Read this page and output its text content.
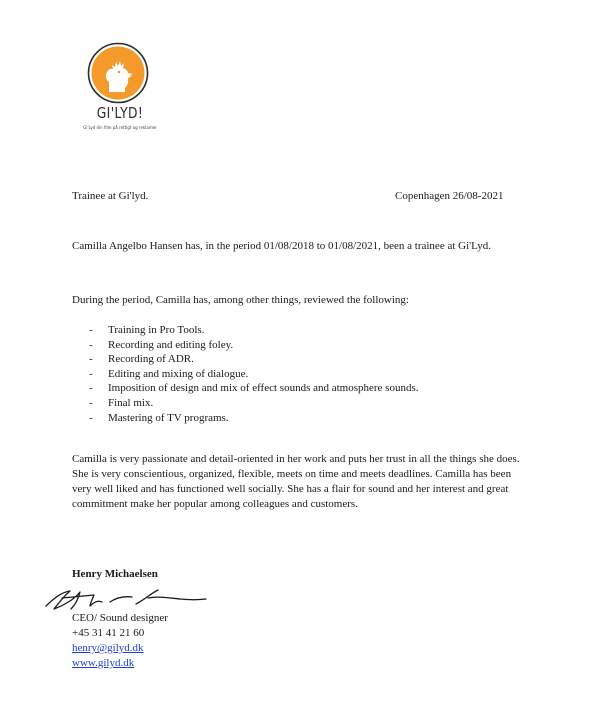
GI'LYD!
Gi'Lyd din film på rettigt og reklamer
Trainee at Gi'lyd.	Copenhagen 26/08-2021
Camilla Angelbo Hansen has, in the period 01/08/2018 to 01/08/2021, been a trainee at Gi'Lyd.
During the period, Camilla has, among other things, reviewed the following:
- Training in Pro Tools.
- Recording and editing foley.
- Recording of ADR.
- Editing and mixing of dialogue.
- Imposition of design and mix of effect sounds and atmosphere sounds.
- Final mix.
- Mastering of TV programs.
Camilla is very passionate and detail-oriented in her work and puts her trust in all the things she does. She is very conscientious, organized, flexible, meets on time and meets deadlines. Camilla has been very well liked and has functioned well socially. She has a flair for sound and her interest and great commitment make her popular among colleagues and customers.
Henry Michaelsen
CEO/ Sound designer
+45 31 41 21 60
henry@gilyd.dk
www.gilyd.dk
